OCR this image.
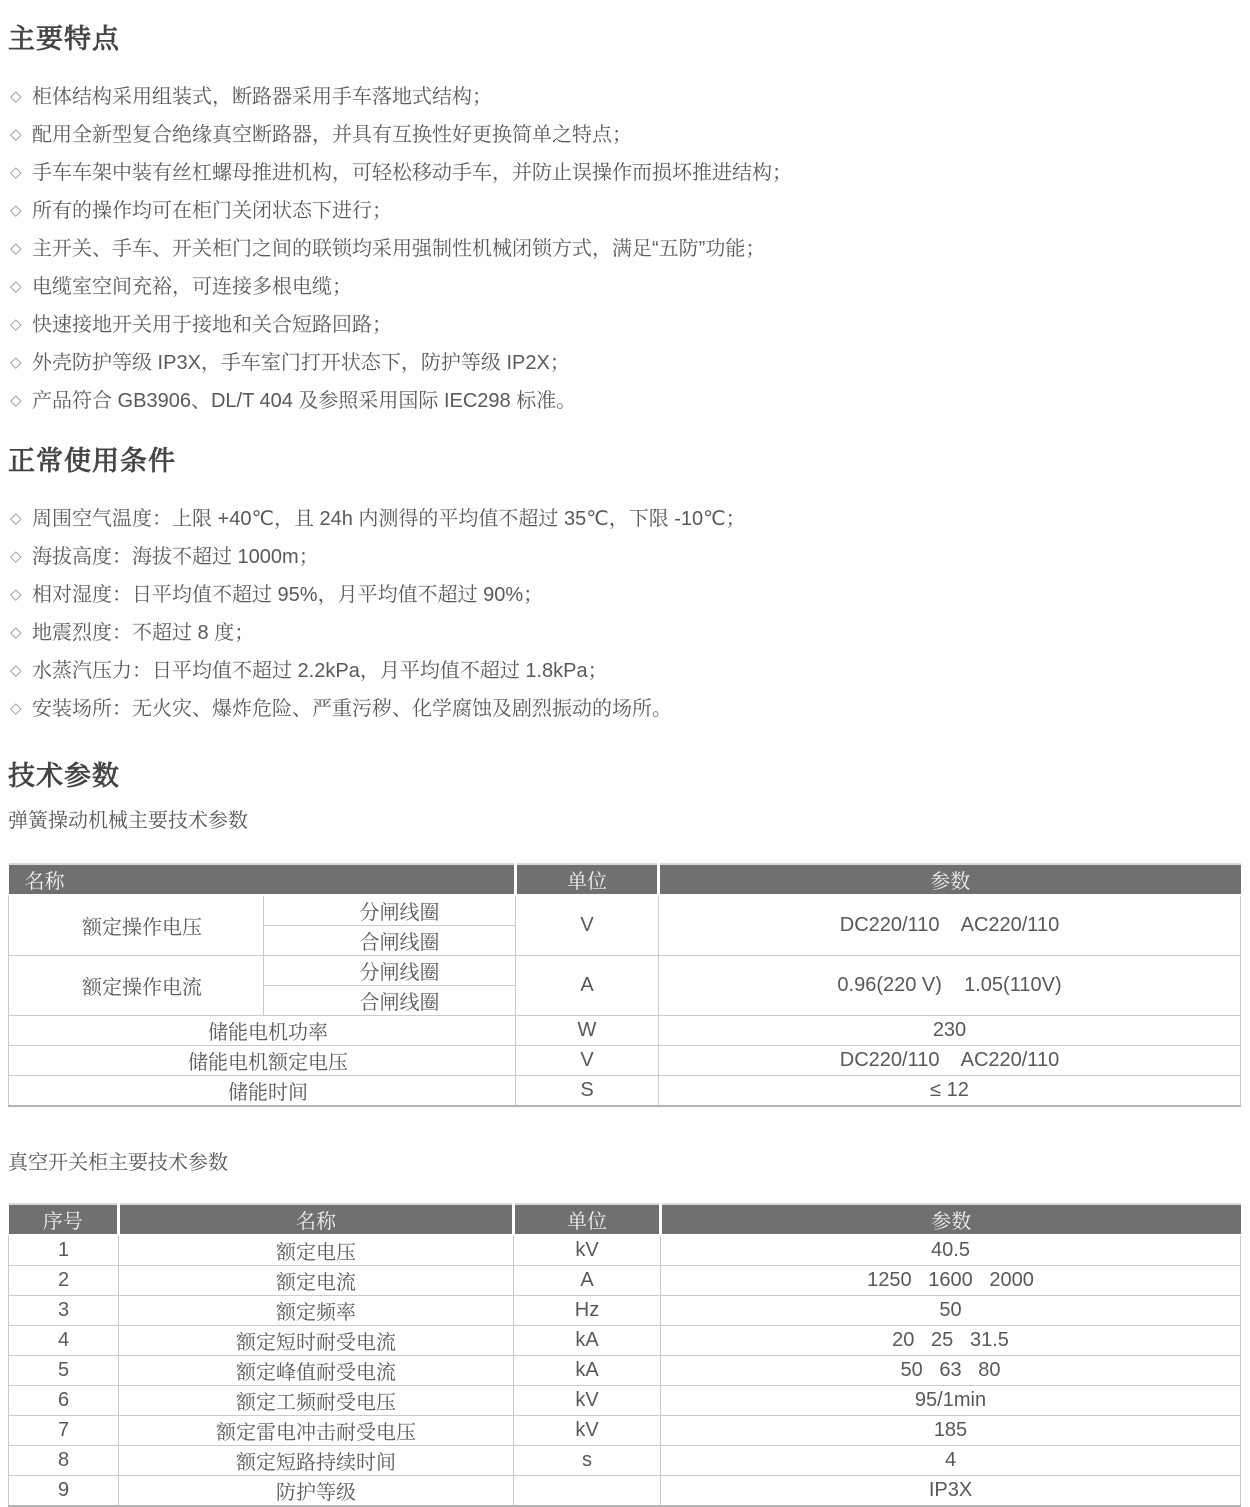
主要特点
◇ 柜体结构采用组装式，断路器采用手车落地式结构；
◇ 配用全新型复合绝缘真空断路器，并具有互换性好更换简单之特点；
◇ 手车车架中装有丝杠螺母推进机构，可轻松移动手车，并防止误操作而损坏推进结构；
◇ 所有的操作均可在柜门关闭状态下进行；
◇ 主开关、手车、开关柜门之间的联锁均采用强制性机械闭锁方式，满足“五防”功能；
◇ 电缆室空间充裕，可连接多根电缆；
◇ 快速接地开关用于接地和关合短路回路；
◇ 外壳防护等级 IP3X，手车室门打开状态下，防护等级 IP2X；
◇ 产品符合 GB3906、DL/T 404 及参照采用国际 IEC298 标准。
正常使用条件
◇ 周围空气温度：上限 +40℃，且 24h 内测得的平均值不超过 35℃，下限 -10℃；
◇ 海拔高度：海拔不超过 1000m；
◇ 相对湿度：日平均值不超过 95%，月平均值不超过 90%；
◇ 地震烈度：不超过 8 度；
◇ 水蒸汽压力：日平均值不超过 2.2kPa，月平均值不超过 1.8kPa；
◇ 安装场所：无火灾、爆炸危险、严重污秽、化学腐蚀及剧烈振动的场所。
技术参数
弹簧操动机械主要技术参数
名称		单位	参数
额定操作电压	分闸线圈	V	DC220/110    AC220/110
	合闸线圈		
额定操作电流	分闸线圈	A	0.96(220 V)    1.05(110V)
	合闸线圈		
储能电机功率		W	230
储能电机额定电压		V	DC220/110    AC220/110
储能时间		S	≤ 12
真空开关柜主要技术参数
序号	名称	单位	参数
1	额定电压	kV	40.5
2	额定电流	A	1250   1600   2000
3	额定频率	Hz	50
4	额定短时耐受电流	kA	20   25   31.5
5	额定峰值耐受电流	kA	50   63   80
6	额定工频耐受电压	kV	95/1min
7	额定雷电冲击耐受电压	kV	185
8	额定短路持续时间	s	4
9	防护等级		IP3X
